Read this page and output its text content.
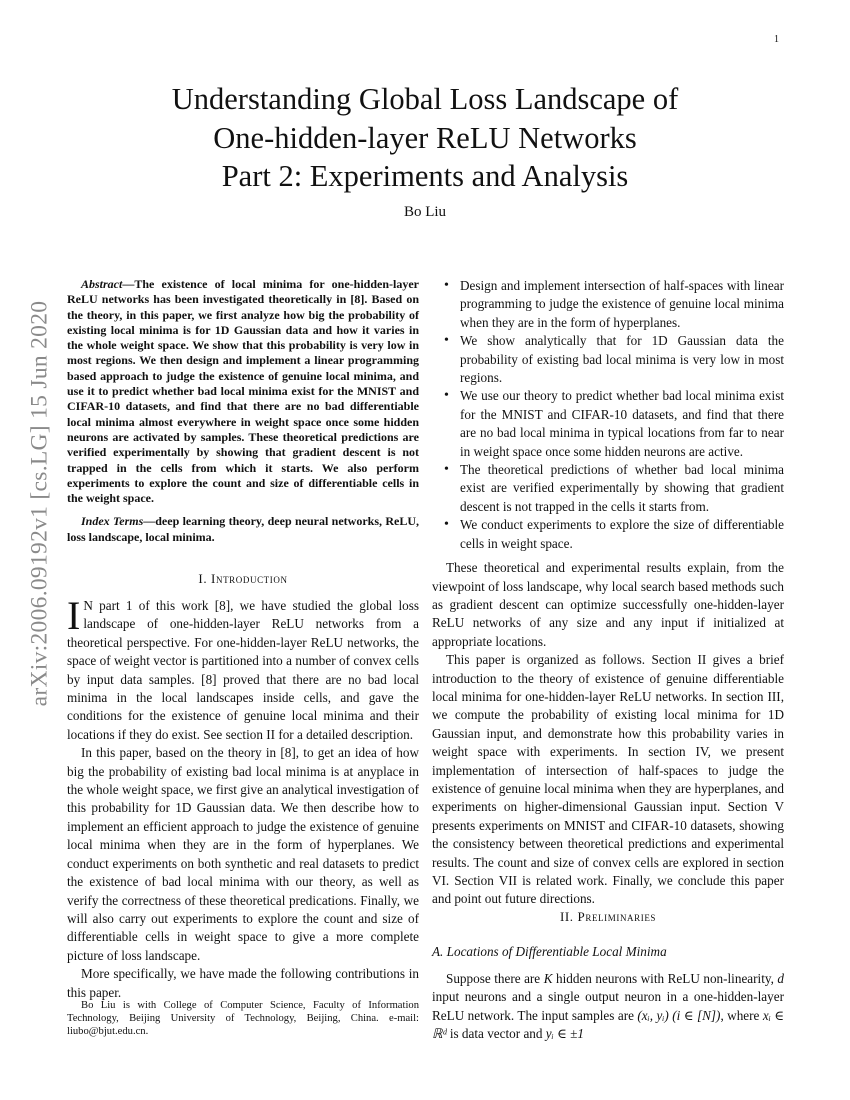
1
arXiv:2006.09192v1 [cs.LG] 15 Jun 2020
Understanding Global Loss Landscape of
One-hidden-layer ReLU Networks
Part 2: Experiments and Analysis
Bo Liu

Abstract—The existence of local minima for one-hidden-layer ReLU networks has been investigated theoretically in [8]. Based on the theory, in this paper, we first analyze how big the probability of existing local minima is for 1D Gaussian data and how it varies in the whole weight space. We show that this probability is very low in most regions. We then design and implement a linear programming based approach to judge the existence of genuine local minima, and use it to predict whether bad local minima exist for the MNIST and CIFAR-10 datasets, and find that there are no bad differentiable local minima almost everywhere in weight space once some hidden neurons are activated by samples. These theoretical predictions are verified experimentally by showing that gradient descent is not trapped in the cells from which it starts. We also perform experiments to explore the count and size of differentiable cells in the weight space.

Index Terms—deep learning theory, deep neural networks, ReLU, loss landscape, local minima.

I. Introduction

I N part 1 of this work [8], we have studied the global loss landscape of one-hidden-layer ReLU networks from a theoretical perspective. For one-hidden-layer ReLU networks, the space of weight vector is partitioned into a number of convex cells by input data samples. [8] proved that there are no bad local minima in the local landscapes inside cells, and gave the conditions for the existence of genuine local minima and their locations if they do exist. See section II for a detailed description.

In this paper, based on the theory in [8], to get an idea of how big the probability of existing bad local minima is at anyplace in the whole weight space, we first give an analytical investigation of this probability for 1D Gaussian data. We then describe how to implement an efficient approach to judge the existence of genuine local minima when they are in the form of hyperplanes. We conduct experiments on both synthetic and real datasets to predict the existence of bad local minima with our theory, as well as verify the correctness of these theoretical predications. Finally, we will also carry out experiments to explore the count and size of differentiable cells in weight space to give a more complete picture of loss landscape.

More specifically, we have made the following contributions in this paper.

Bo Liu is with College of Computer Science, Faculty of Information Technology, Beijing University of Technology, Beijing, China. e-mail: liubo@bjut.edu.cn.

• Design and implement intersection of half-spaces with linear programming to judge the existence of genuine local minima when they are in the form of hyperplanes.
• We show analytically that for 1D Gaussian data the probability of existing bad local minima is very low in most regions.
• We use our theory to predict whether bad local minima exist for the MNIST and CIFAR-10 datasets, and find that there are no bad local minima in typical locations from far to near in weight space once some hidden neurons are active.
• The theoretical predictions of whether bad local minima exist are verified experimentally by showing that gradient descent is not trapped in the cells it starts from.
• We conduct experiments to explore the size of differentiable cells in weight space.

These theoretical and experimental results explain, from the viewpoint of loss landscape, why local search based methods such as gradient descent can optimize successfully one-hidden-layer ReLU networks of any size and any input if initialized at appropriate locations.

This paper is organized as follows. Section II gives a brief introduction to the theory of existence of genuine differentiable local minima for one-hidden-layer ReLU networks. In section III, we compute the probability of existing local minima for 1D Gaussian input, and demonstrate how this probability varies in weight space with experiments. In section IV, we present implementation of intersection of half-spaces to judge the existence of genuine local minima when they are hyperplanes, and experiments on higher-dimensional Gaussian input. Section V presents experiments on MNIST and CIFAR-10 datasets, showing the consistency between theoretical predictions and experimental results. The count and size of convex cells are explored in section VI. Section VII is related work. Finally, we conclude this paper and point out future directions.

II. Preliminaries
A. Locations of Differentiable Local Minima

Suppose there are K hidden neurons with ReLU non-linearity, d input neurons and a single output neuron in a one-hidden-layer ReLU network. The input samples are (xᵢ, yᵢ) (i ∈ [N]), where xᵢ ∈ ℝᵈ is data vector and yᵢ ∈ ±1
